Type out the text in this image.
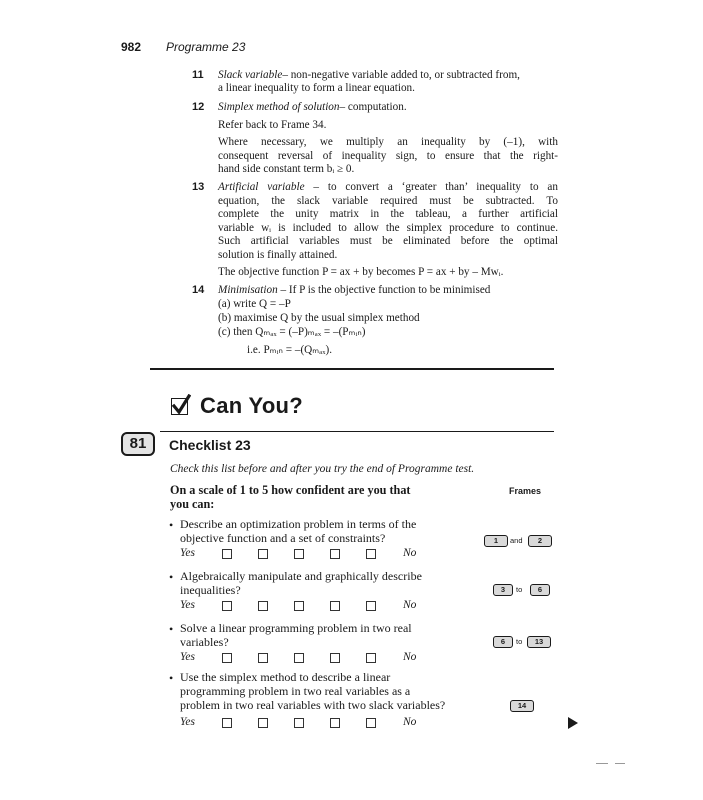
982 Programme 23
11	Slack variable– non-negative variable added to, or subtracted from,
a linear inequality to form a linear equation.
12	Simplex method of solution– computation.
Refer back to Frame 34.
Where necessary, we multiply an inequality by (–1), with
consequent reversal of inequality sign, to ensure that the right-
hand side constant term bᵢ ≥ 0.
13	Artificial variable – to convert a ‘greater than’ inequality to an
equation, the slack variable required must be subtracted. To
complete the unity matrix in the tableau, a further artificial
variable wᵢ is included to allow the simplex procedure to continue.
Such artificial variables must be eliminated before the optimal
solution is finally attained.
The objective function P = ax + by becomes P = ax + by – Mwᵢ.
14	Minimisation – If P is the objective function to be minimised
(a) write Q = –P
(b) maximise Q by the usual simplex method
(c) then Qₘₐₓ = (–P)ₘₐₓ = –(Pₘᵢₙ)
i.e. Pₘᵢₙ = –(Qₘₐₓ).
Can You?
81	Checklist 23
Check this list before and after you try the end of Programme test.
On a scale of 1 to 5 how confident are you that
you can:
Frames
• Describe an optimization problem in terms of the
objective function and a set of constraints?	1	and	2
Yes	No
• Algebraically manipulate and graphically describe
inequalities?	3	to	6
Yes	No
• Solve a linear programming problem in two real
variables?	6	to	13
Yes	No
• Use the simplex method to describe a linear
programming problem in two real variables as a
problem in two real variables with two slack variables?	14
Yes	No
